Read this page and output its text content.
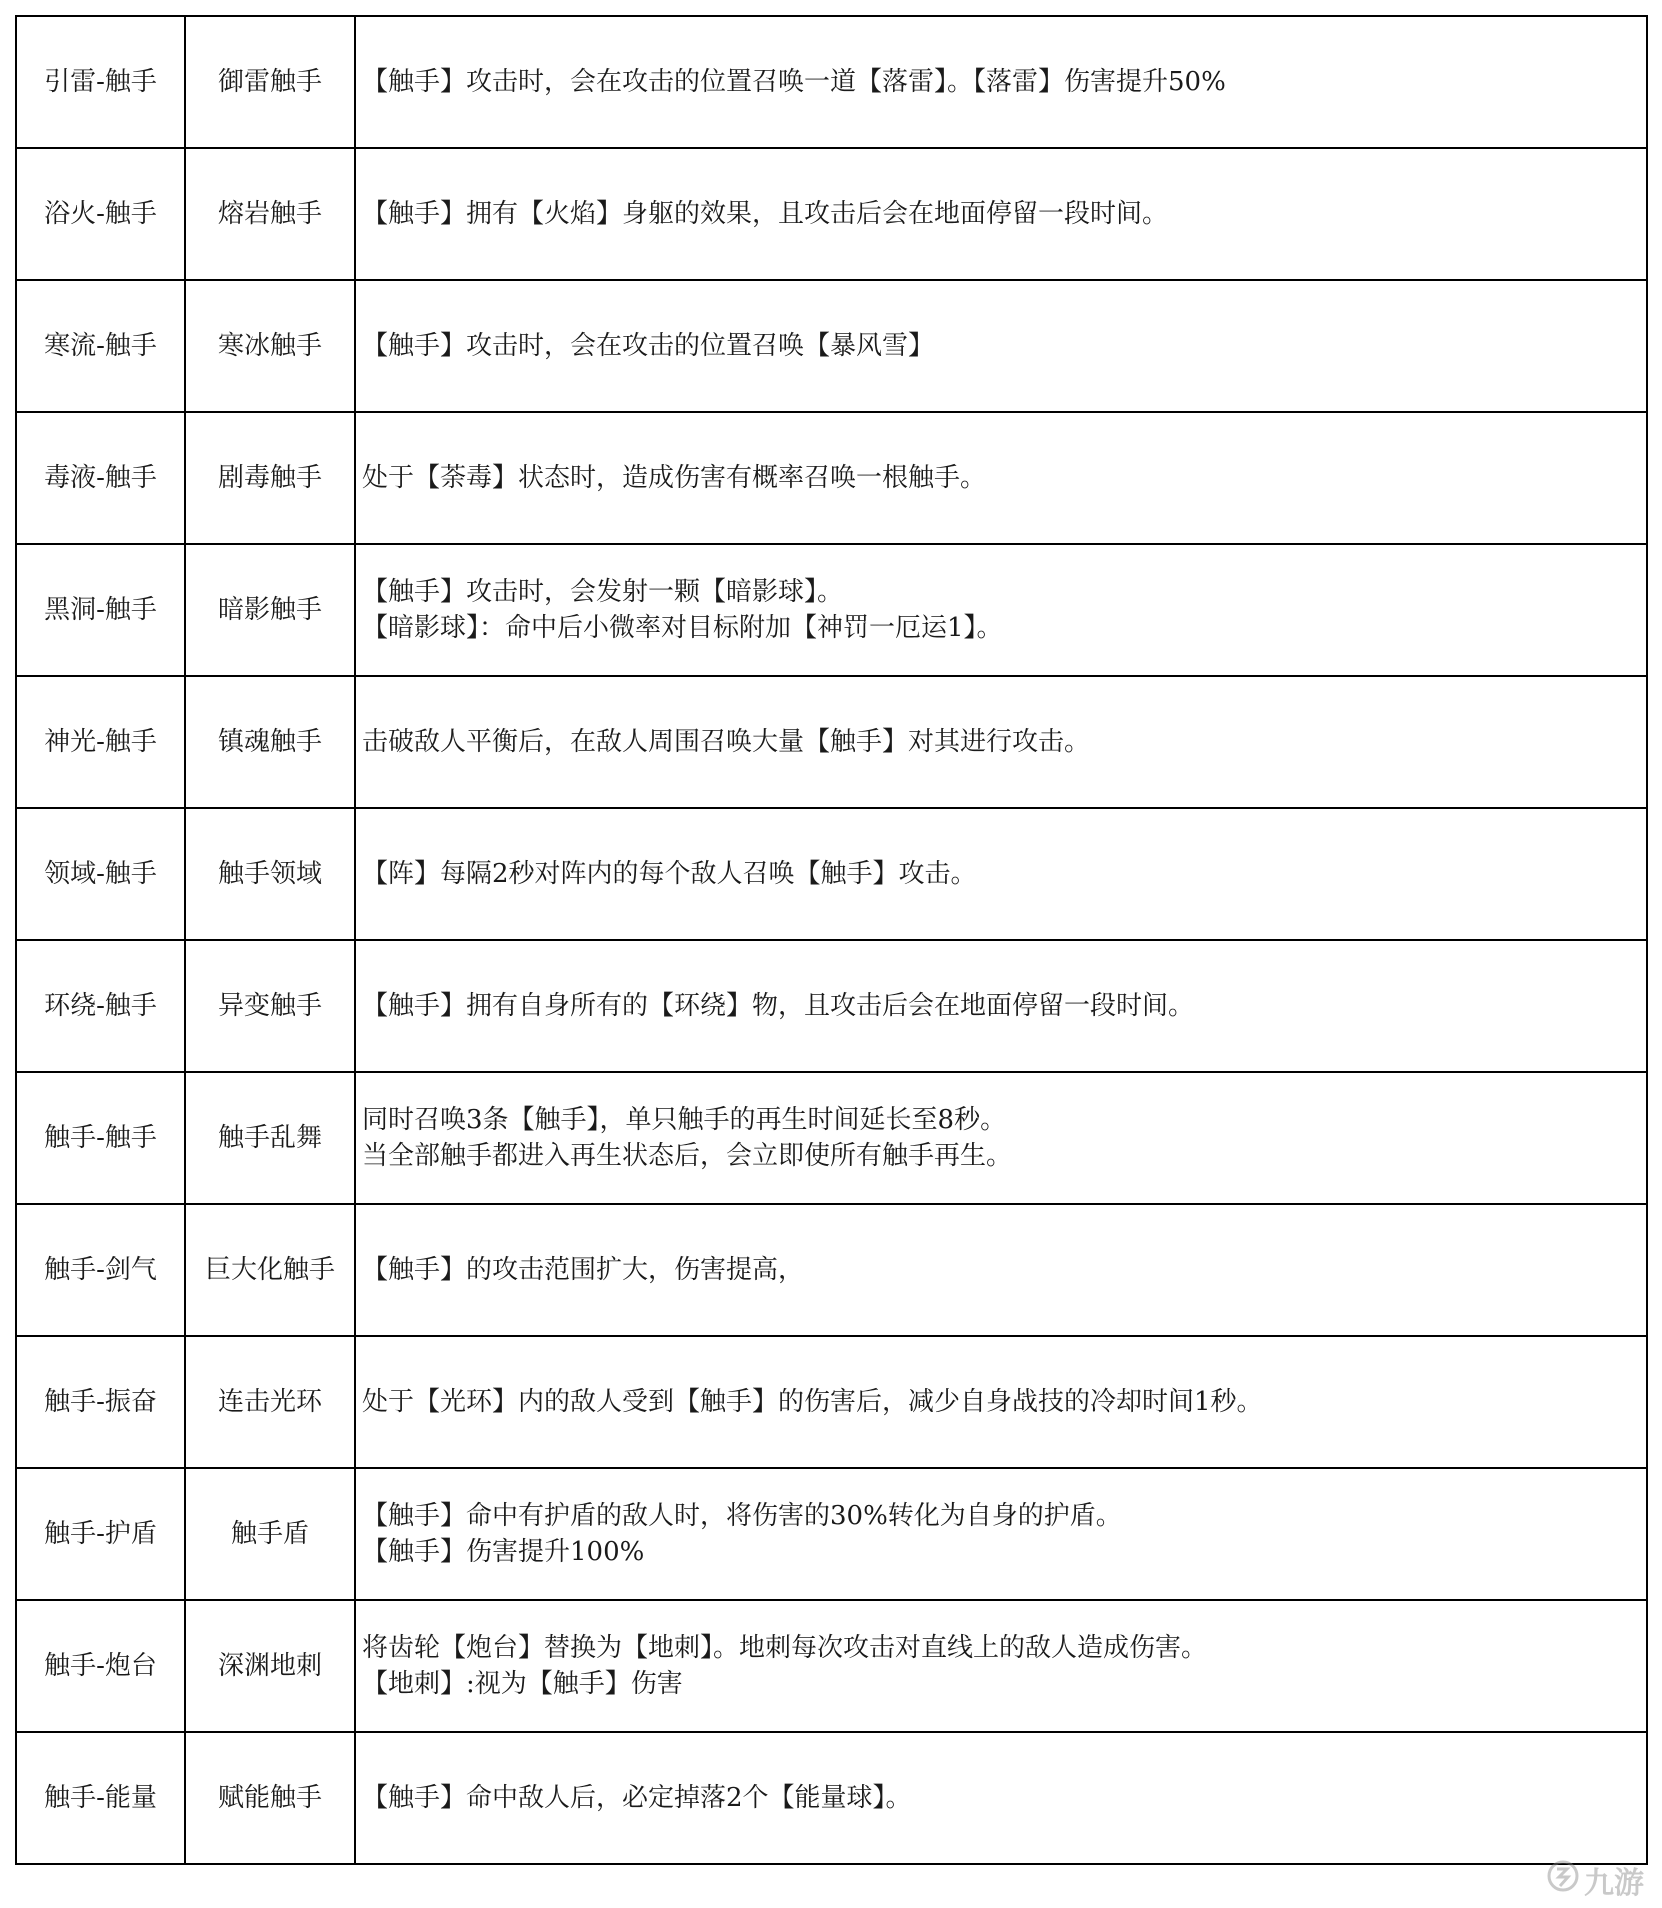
引雷-触手	御雷触手	【触手】攻击时，会在攻击的位置召唤一道【落雷】。【落雷】伤害提升50%

浴火-触手	熔岩触手	【触手】拥有【火焰】身躯的效果，且攻击后会在地面停留一段时间。

寒流-触手	寒冰触手	【触手】攻击时，会在攻击的位置召唤【暴风雪】

毒液-触手	剧毒触手	处于【荼毒】状态时，造成伤害有概率召唤一根触手。

黑洞-触手	暗影触手	【触手】攻击时，会发射一颗【暗影球】。
【暗影球】：命中后小微率对目标附加【神罚一厄运1】。

神光-触手	镇魂触手	击破敌人平衡后，在敌人周围召唤大量【触手】对其进行攻击。

领域-触手	触手领域	【阵】每隔2秒对阵内的每个敌人召唤【触手】攻击。

环绕-触手	异变触手	【触手】拥有自身所有的【环绕】物，且攻击后会在地面停留一段时间。

触手-触手	触手乱舞	同时召唤3条【触手】，单只触手的再生时间延长至8秒。
当全部触手都进入再生状态后，会立即使所有触手再生。

触手-剑气	巨大化触手	【触手】的攻击范围扩大，伤害提高，

触手-振奋	连击光环	处于【光环】内的敌人受到【触手】的伤害后，减少自身战技的冷却时间1秒。

触手-护盾	触手盾	【触手】命中有护盾的敌人时，将伤害的30%转化为自身的护盾。
【触手】伤害提升100%

触手-炮台	深渊地刺	将齿轮【炮台】替换为【地刺】。地刺每次攻击对直线上的敌人造成伤害。
【地刺】:视为【触手】伤害

触手-能量	赋能触手	【触手】命中敌人后，必定掉落2个【能量球】。
九游
